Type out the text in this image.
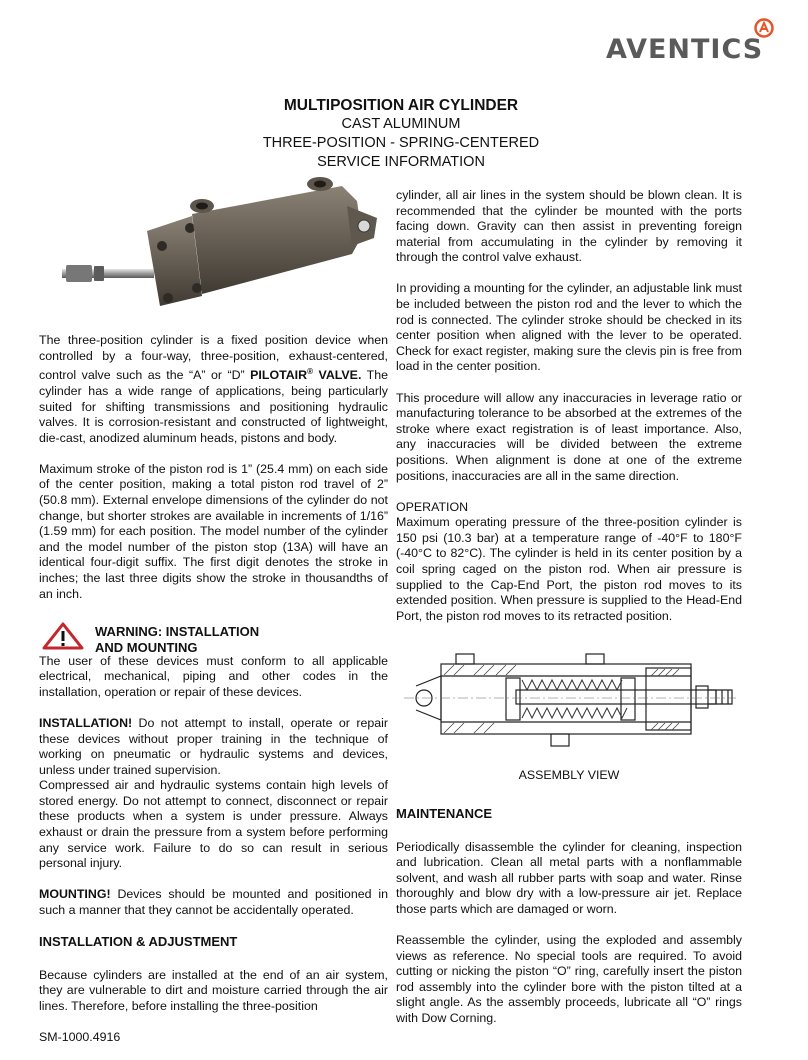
AVENTICS
MULTIPOSITION AIR CYLINDER
CAST ALUMINUM
THREE-POSITION - SPRING-CENTERED
SERVICE INFORMATION

The three-position cylinder is a fixed position device when controlled by a four-way, three-position, exhaust-centered, control valve such as the “A” or “D” PILOTAIR® VALVE. The cylinder has a wide range of applications, being particularly suited for shifting transmissions and positioning hydraulic valves. It is corrosion-resistant and constructed of lightweight, die-cast, anodized aluminum heads, pistons and body.

Maximum stroke of the piston rod is 1” (25.4 mm) on each side of the center position, making a total piston rod travel of 2” (50.8 mm). External envelope dimensions of the cylinder do not change, but shorter strokes are available in increments of 1/16” (1.59 mm) for each position. The model number of the cylinder and the model number of the piston stop (13A) will have an identical four-digit suffix. The first digit denotes the stroke in inches; the last three digits show the stroke in thousandths of an inch.

WARNING: INSTALLATION
AND MOUNTING

The user of these devices must conform to all applicable electrical, mechanical, piping and other codes in the installation, operation or repair of these devices.

INSTALLATION! Do not attempt to install, operate or repair these devices without proper training in the technique of working on pneumatic or hydraulic systems and devices, unless under trained supervision.

Compressed air and hydraulic systems contain high levels of stored energy. Do not attempt to connect, disconnect or repair these products when a system is under pressure. Always exhaust or drain the pressure from a system before performing any service work. Failure to do so can result in serious personal injury.

MOUNTING! Devices should be mounted and positioned in such a manner that they cannot be accidentally operated.

INSTALLATION & ADJUSTMENT

Because cylinders are installed at the end of an air system, they are vulnerable to dirt and moisture carried through the air lines. Therefore, before installing the three-position

cylinder, all air lines in the system should be blown clean. It is recommended that the cylinder be mounted with the ports facing down. Gravity can then assist in preventing foreign material from accumulating in the cylinder by removing it through the control valve exhaust.

In providing a mounting for the cylinder, an adjustable link must be included between the piston rod and the lever to which the rod is connected. The cylinder stroke should be checked in its center position when aligned with the lever to be operated. Check for exact register, making sure the clevis pin is free from load in the center position.

This procedure will allow any inaccuracies in leverage ratio or manufacturing tolerance to be absorbed at the extremes of the stroke where exact registration is of least importance. Also, any inaccuracies will be divided between the extreme positions. When alignment is done at one of the extreme positions, inaccuracies are all in the same direction.

OPERATION

Maximum operating pressure of the three-position cylinder is 150 psi (10.3 bar) at a temperature range of -40°F to 180°F (-40°C to 82°C). The cylinder is held in its center position by a coil spring caged on the piston rod. When air pressure is supplied to the Cap-End Port, the piston rod moves to its extended position. When pressure is supplied to the Head-End Port, the piston rod moves to its retracted position.

ASSEMBLY VIEW
MAINTENANCE

Periodically disassemble the cylinder for cleaning, inspection and lubrication. Clean all metal parts with a nonflammable solvent, and wash all rubber parts with soap and water. Rinse thoroughly and blow dry with a low-pressure air jet. Replace those parts which are damaged or worn.

Reassemble the cylinder, using the exploded and assembly views as reference. No special tools are required. To avoid cutting or nicking the piston “O” ring, carefully insert the piston rod assembly into the cylinder bore with the piston tilted at a slight angle. As the assembly proceeds, lubricate all “O” rings with Dow Corning.

SM-1000.4916
